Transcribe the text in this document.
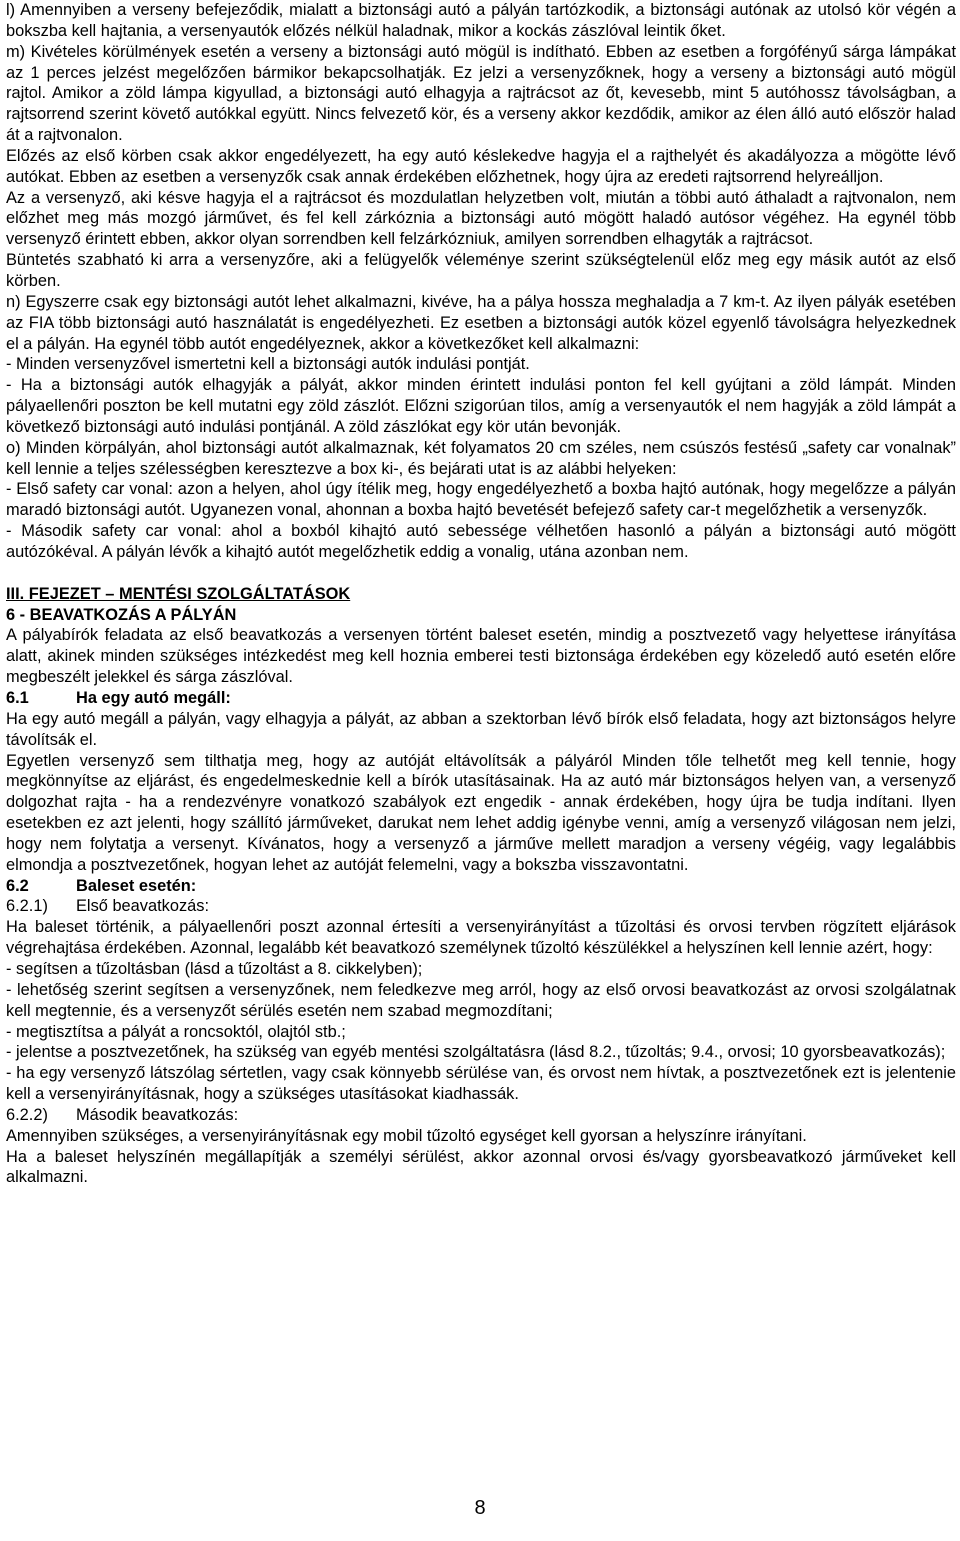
l) Amennyiben a verseny befejeződik, mialatt a biztonsági autó a pályán tartózkodik, a biztonsági autónak az utolsó kör végén a bokszba kell hajtania, a versenyautók előzés nélkül haladnak, mikor a kockás zászlóval leintik őket.

m) Kivételes körülmények esetén a verseny a biztonsági autó mögül is indítható. Ebben az esetben a forgófényű sárga lámpákat az 1 perces jelzést megelőzően bármikor bekapcsolhatják. Ez jelzi a versenyzőknek, hogy a verseny a biztonsági autó mögül rajtol. Amikor a zöld lámpa kigyullad, a biztonsági autó elhagyja a rajtrácsot az őt, kevesebb, mint 5 autóhossz távolságban, a rajtsorrend szerint követő autókkal együtt. Nincs felvezető kör, és a verseny akkor kezdődik, amikor az élen álló autó először halad át a rajtvonalon.

Előzés az első körben csak akkor engedélyezett, ha egy autó késlekedve hagyja el a rajthelyét és akadályozza a mögötte lévő autókat. Ebben az esetben a versenyzők csak annak érdekében előzhetnek, hogy újra az eredeti rajtsorrend helyreálljon.

Az a versenyző, aki késve hagyja el a rajtrácsot és mozdulatlan helyzetben volt, miután a többi autó áthaladt a rajtvonalon, nem előzhet meg más mozgó járművet, és fel kell zárkóznia a biztonsági autó mögött haladó autósor végéhez. Ha egynél több versenyző érintett ebben, akkor olyan sorrendben kell felzárkózniuk, amilyen sorrendben elhagyták a rajtrácsot.

Büntetés szabható ki arra a versenyzőre, aki a felügyelők véleménye szerint szükségtelenül előz meg egy másik autót az első körben.

n) Egyszerre csak egy biztonsági autót lehet alkalmazni, kivéve, ha a pálya hossza meghaladja a 7 km-t. Az ilyen pályák esetében az FIA több biztonsági autó használatát is engedélyezheti. Ez esetben a biztonsági autók közel egyenlő távolságra helyezkednek el a pályán. Ha egynél több autót engedélyeznek, akkor a következőket kell alkalmazni:

- Minden versenyzővel ismertetni kell a biztonsági autók indulási pontját.

- Ha a biztonsági autók elhagyják a pályát, akkor minden érintett indulási ponton fel kell gyújtani a zöld lámpát. Minden pályaellenőri poszton be kell mutatni egy zöld zászlót. Előzni szigorúan tilos, amíg a versenyautók el nem hagyják a zöld lámpát a következő biztonsági autó indulási pontjánál. A zöld zászlókat egy kör után bevonják.

o) Minden körpályán, ahol biztonsági autót alkalmaznak, két folyamatos 20 cm széles, nem csúszós festésű „safety car vonalnak” kell lennie a teljes szélességben keresztezve a box ki-, és bejárati utat is az alábbi helyeken:

- Első safety car vonal: azon a helyen, ahol úgy ítélik meg, hogy engedélyezhető a boxba hajtó autónak, hogy megelőzze a pályán maradó biztonsági autót. Ugyanezen vonal, ahonnan a boxba hajtó bevetését befejező safety car-t megelőzhetik a versenyzők.

- Második safety car vonal: ahol a boxból kihajtó autó sebessége vélhetően hasonló a pályán a biztonsági autó mögött autózókéval. A pályán lévők a kihajtó autót megelőzhetik eddig a vonalig, utána azonban nem.

III. FEJEZET – MENTÉSI SZOLGÁLTATÁSOK

6 - BEAVATKOZÁS A PÁLYÁN

A pályabírók feladata az első beavatkozás a versenyen történt baleset esetén, mindig a posztvezető vagy helyettese irányítása alatt, akinek minden szükséges intézkedést meg kell hoznia emberei testi biztonsága érdekében egy közeledő autó esetén előre megbeszélt jelekkel és sárga zászlóval.

6.1	Ha egy autó megáll:

Ha egy autó megáll a pályán, vagy elhagyja a pályát, az abban a szektorban lévő bírók első feladata, hogy azt biztonságos helyre távolítsák el.

Egyetlen versenyző sem tilthatja meg, hogy az autóját eltávolítsák a pályáról Minden tőle telhetőt meg kell tennie, hogy megkönnyítse az eljárást, és engedelmeskednie kell a bírók utasításainak. Ha az autó már biztonságos helyen van, a versenyző dolgozhat rajta - ha a rendezvényre vonatkozó szabályok ezt engedik - annak érdekében, hogy újra be tudja indítani. Ilyen esetekben ez azt jelenti, hogy szállító járműveket, darukat nem lehet addig igénybe venni, amíg a versenyző világosan nem jelzi, hogy nem folytatja a versenyt. Kívánatos, hogy a versenyző a járműve mellett maradjon a verseny végéig, vagy legalábbis elmondja a posztvezetőnek, hogyan lehet az autóját felemelni, vagy a bokszba visszavontatni.

6.2	Baleset esetén:

6.2.1) Első beavatkozás:

Ha baleset történik, a pályaellenőri poszt azonnal értesíti a versenyirányítást a tűzoltási és orvosi tervben rögzített eljárások végrehajtása érdekében. Azonnal, legalább két beavatkozó személynek tűzoltó készülékkel a helyszínen kell lennie azért, hogy:

- segítsen a tűzoltásban (lásd a tűzoltást a 8. cikkelyben);

- lehetőség szerint segítsen a versenyzőnek, nem feledkezve meg arról, hogy az első orvosi beavatkozást az orvosi szolgálatnak kell megtennie, és a versenyzőt sérülés esetén nem szabad megmozdítani;

- megtisztítsa a pályát a roncsoktól, olajtól stb.;

- jelentse a posztvezetőnek, ha szükség van egyéb mentési szolgáltatásra (lásd 8.2., tűzoltás; 9.4., orvosi; 10 gyorsbeavatkozás);

- ha egy versenyző látszólag sértetlen, vagy csak könnyebb sérülése van, és orvost nem hívtak, a posztvezetőnek ezt is jelentenie kell a versenyirányításnak, hogy a szükséges utasításokat kiadhassák.

6.2.2) Második beavatkozás:

Amennyiben szükséges, a versenyirányításnak egy mobil tűzoltó egységet kell gyorsan a helyszínre irányítani.

Ha a baleset helyszínén megállapítják a személyi sérülést, akkor azonnal orvosi és/vagy gyorsbeavatkozó járműveket kell alkalmazni.

8
